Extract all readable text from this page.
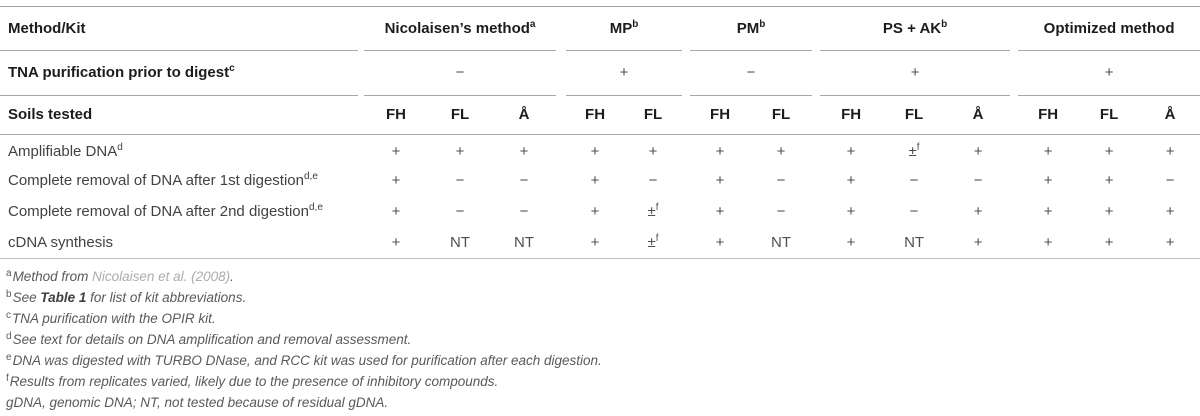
Method/Kit		Nicolaisen’s method$^a$				$MP^b$			$PM^b$			PS + $AK^b$				Optimized method		
TNA purification prior to digest$^c$		−				+			−			+				+		
Soils tested		FH	FL	Å		FH	FL		FH	FL		FH	FL	Å		FH	FL	Å
Amplifiable DNA$^d$		+	+	+		+	+		+	+		+	±$^f$	+		+	+	+
Complete removal of DNA after 1st digestion$^{d,e}$		+	−	−		+	−		+	−		+	−	−		+	+	−
Complete removal of DNA after 2nd digestion$^{d,e}$		+	−	−		+	±$^f$		+	−		+	−	+		+	+	+
cDNA synthesis		+	NT	NT		+	±$^f$		+	NT		+	NT	+		+	+	+
$^a$Method from Nicolaisen et al. (2008).
$^b$See Table 1 for list of kit abbreviations.
$^c$TNA purification with the OPIR kit.
$^d$See text for details on DNA amplification and removal assessment.
$^e$DNA was digested with TURBO DNase, and RCC kit was used for purification after each digestion.
$^f$Results from replicates varied, likely due to the presence of inhibitory compounds.
gDNA, genomic DNA; NT, not tested because of residual gDNA.
